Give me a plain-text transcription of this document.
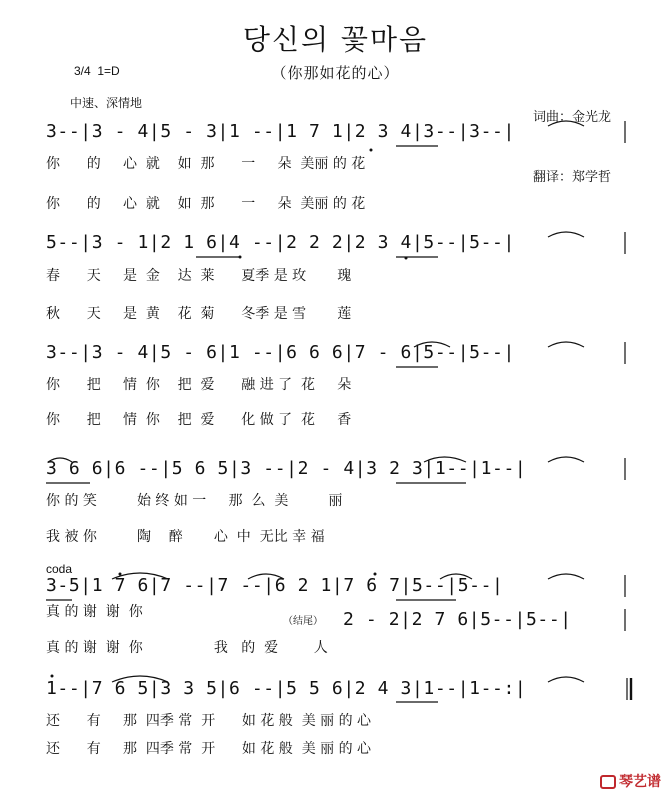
당신의 꽃마음
（你那如花的心）
3/4  1=D
中速、深情地

词曲：金光龙

翻译：郑学哲

3--|3 - 4|5 - 3|1 --|1 7 1|2 3 4|3--|3--|
你      的     心  就    如  那      一     朵  美丽 的 花
你      的     心  就    如  那      一     朵  美丽 的 花
5--|3 - 1|2 1 6|4 --|2 2 2|2 3 4|5--|5--|
春      天     是  金    达  莱      夏季 是 玫       瑰
秋      天     是  黄    花  菊      冬季 是 雪       莲
3--|3 - 4|5 - 6|1 --|6 6 6|7 - 6|5--|5--|
你      把     情  你    把  爱      融 进 了  花     朵
你      把     情  你    把  爱      化 做 了  花     香
3 6 6|6 --|5 6 5|3 --|2 - 4|3 2 3|1--|1--|
你 的 笑         始 终 如 一     那  么  美         丽
我 被 你         陶    醉       心  中  无比 幸 福
coda
3-5|1 7 6|7 --|7 --|6 2 1|7 6 7|5--|5--|
真 的 谢  谢  你
（结尾） 2 - 2|2 7 6|5--|5--|
真 的 谢  谢  你                我   的  爱        人
1--|7 6 5|3 3 5|6 --|5 5 6|2 4 3|1--|1--:|
还      有     那  四季 常  开      如 花 般  美 丽 的 心
还      有     那  四季 常  开      如 花 般  美 丽 的 心

琴艺谱
